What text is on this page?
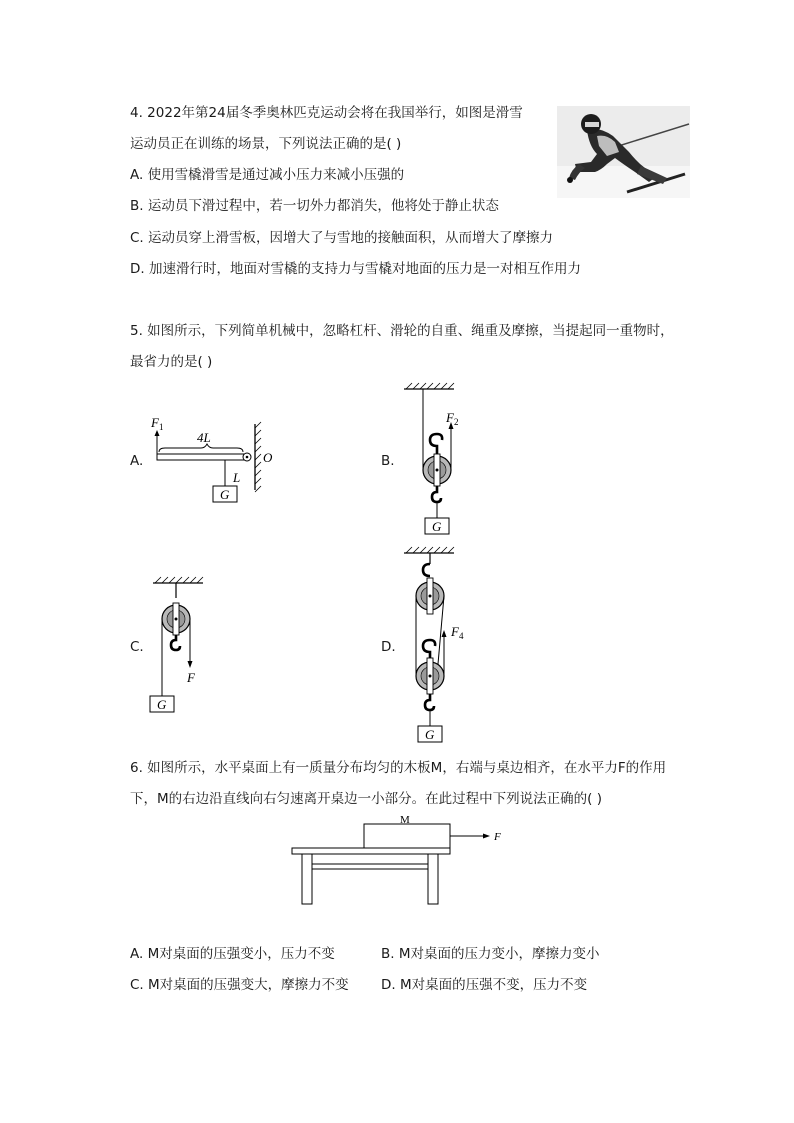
4. 2022年第24届冬季奥林匹克运动会将在我国举行，如图是滑雪
运动员正在训练的场景，下列说法正确的是( )
A. 使用雪橇滑雪是通过减小压力来减小压强的
B. 运动员下滑过程中，若一切外力都消失，他将处于静止状态
C. 运动员穿上滑雪板，因增大了与雪地的接触面积，从而增大了摩擦力
D. 加速滑行时，地面对雪橇的支持力与雪橇对地面的压力是一对相互作用力
5. 如图所示，下列简单机械中，忽略杠杆、滑轮的自重、绳重及摩擦，当提起同一重物时，
最省力的是( )
A.	B.
C.	D.
F 1
4L
O
L
G
F 2
G
F
G
F 4
G
6. 如图所示，水平桌面上有一质量分布均匀的木板M，右端与桌边相齐，在水平力F的作用
下，M的右边沿直线向右匀速离开桌边一小部分。在此过程中下列说法正确的( )
M
F
A. M对桌面的压强变小，压力不变	B. M对桌面的压力变小，摩擦力变小
C. M对桌面的压强变大，摩擦力不变 D. M对桌面的压强不变，压力不变
